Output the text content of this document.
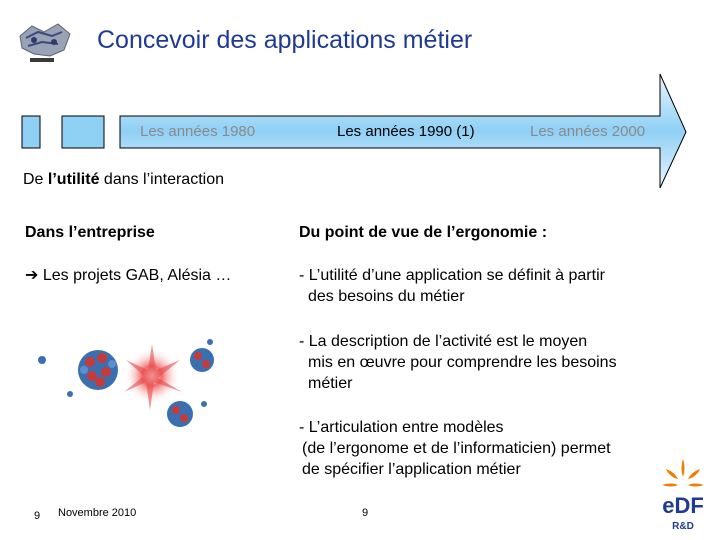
Concevoir des applications métier
Les années 1980	Les années 1990 (1)	Les années 2000
De l’utilité dans l’interaction
Dans l’entreprise
➔ Les projets GAB, Alésia …
Du point de vue de l’ergonomie :
- L’utilité d’une application se définit à partir
des besoins du métier
- La description de l’activité est le moyen
mis en œuvre pour comprendre les besoins
métier
- L’articulation entre modèles
(de l’ergonome et de l’informaticien) permet
de spécifier l’application métier
eDF
R&D
9 Novembre 2010	9
